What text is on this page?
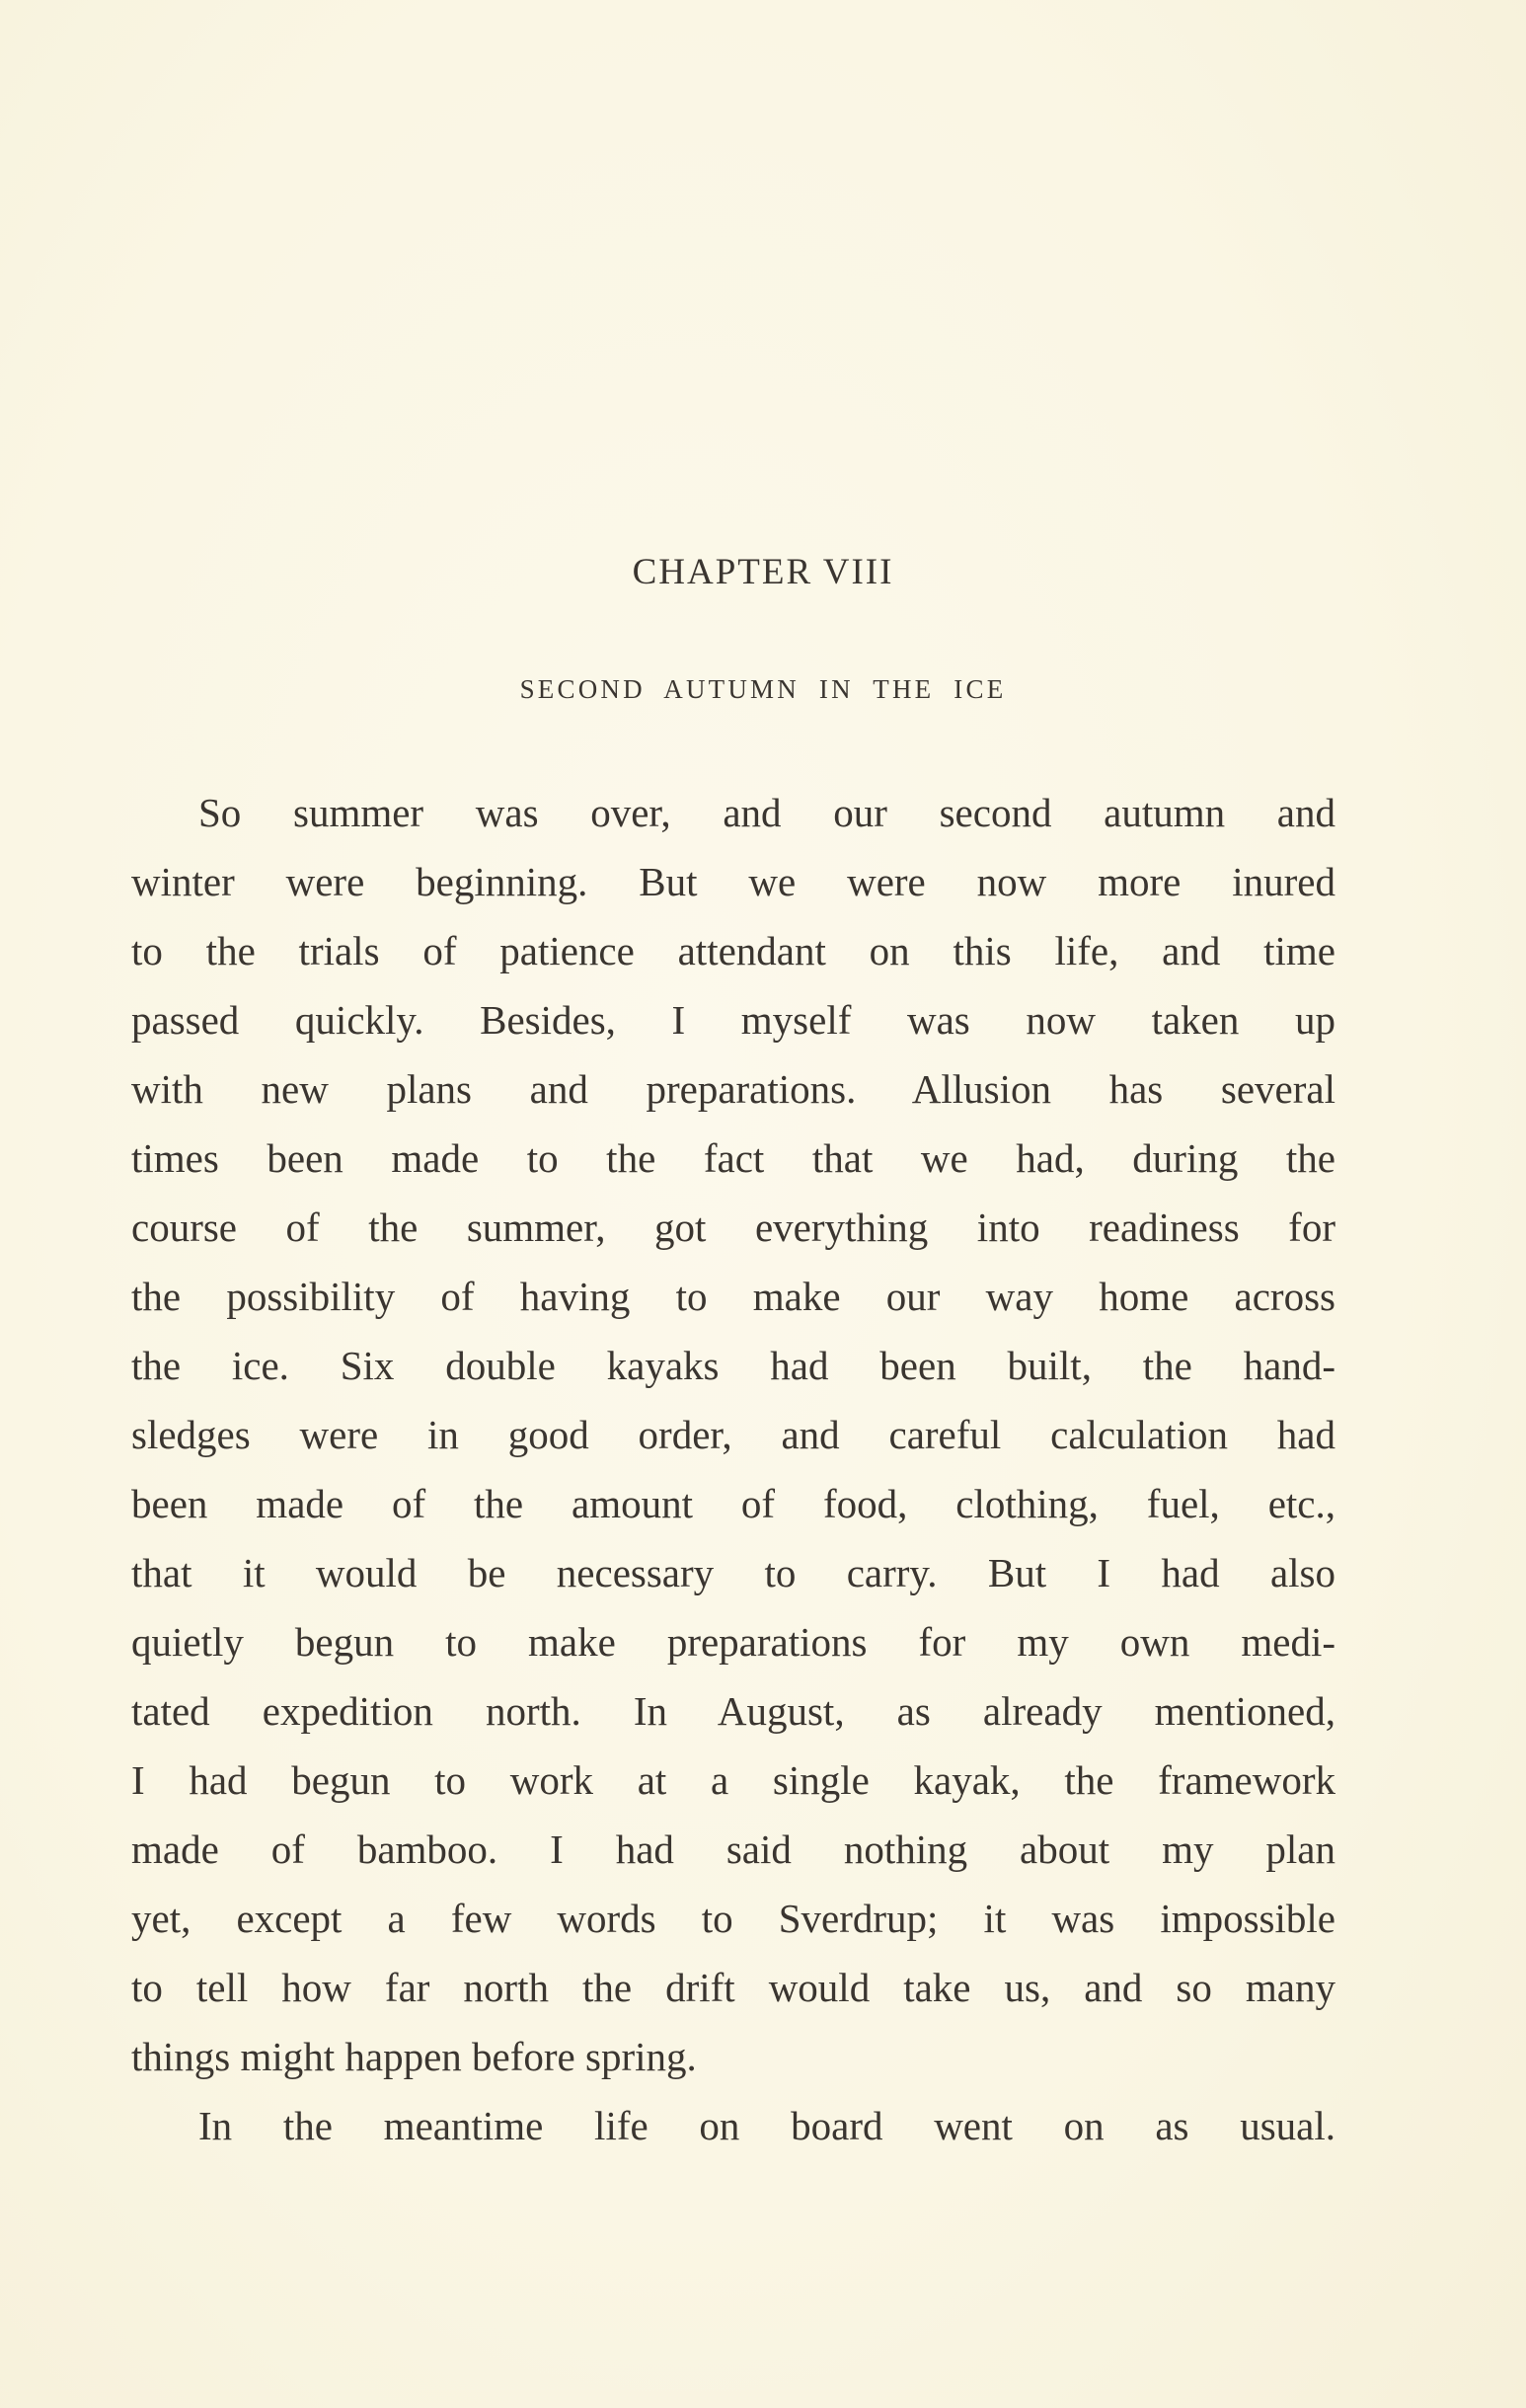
CHAPTER VIII
SECOND AUTUMN IN THE ICE
So summer was over, and our second autumn and
winter were beginning. But we were now more inured
to the trials of patience attendant on this life, and time
passed quickly. Besides, I myself was now taken up
with new plans and preparations. Allusion has several
times been made to the fact that we had, during the
course of the summer, got everything into readiness for
the possibility of having to make our way home across
the ice. Six double kayaks had been built, the hand-
sledges were in good order, and careful calculation had
been made of the amount of food, clothing, fuel, etc.,
that it would be necessary to carry. But I had also
quietly begun to make preparations for my own medi-
tated expedition north. In August, as already mentioned,
I had begun to work at a single kayak, the framework
made of bamboo. I had said nothing about my plan
yet, except a few words to Sverdrup; it was impossible
to tell how far north the drift would take us, and so many
things might happen before spring.
In the meantime life on board went on as usual.
